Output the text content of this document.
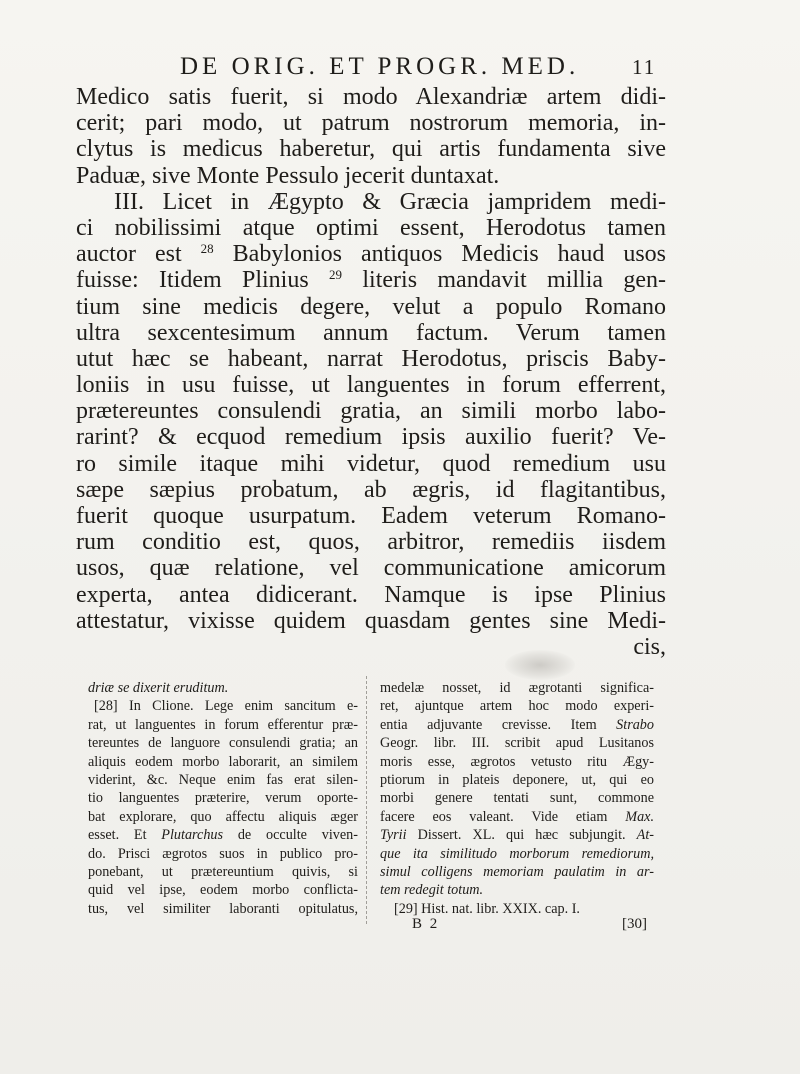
DE ORIG. ET PROGR. MED.	11
Medico satis fuerit, si modo Alexandriæ artem didi-
cerit; pari modo, ut patrum nostrorum memoria, in-
clytus is medicus haberetur, qui artis fundamenta sive
Paduæ, sive Monte Pessulo jecerit duntaxat.
III. Licet in Ægypto & Græcia jampridem medi-
ci nobilissimi atque optimi essent, Herodotus tamen
auctor est $^{28}$ Babylonios antiquos Medicis haud usos
fuisse: Itidem Plinius $^{29}$ literis mandavit millia gen-
tium sine medicis degere, velut a populo Romano
ultra sexcentesimum annum factum. Verum tamen
utut hæc se habeant, narrat Herodotus, priscis Baby-
loniis in usu fuisse, ut languentes in forum efferrent,
prætereuntes consulendi gratia, an simili morbo labo-
rarint? & ecquod remedium ipsis auxilio fuerit? Ve-
ro simile itaque mihi videtur, quod remedium usu
sæpe sæpius probatum, ab ægris, id flagitantibus,
fuerit quoque usurpatum. Eadem veterum Romano-
rum conditio est, quos, arbitror, remediis iisdem
usos, quæ relatione, vel communicatione amicorum
experta, antea didicerant. Namque is ipse Plinius
attestatur, vixisse quidem quasdam gentes sine Medi-
cis,
driæ se dixerit eruditum.
[28] In Clione. Lege enim sancitum e-
rat, ut languentes in forum efferentur præ-
tereuntes de languore consulendi gratia; an
aliquis eodem morbo laborarit, an similem
viderint, &c. Neque enim fas erat silen-
tio languentes præterire, verum oporte-
bat explorare, quo affectu aliquis æger
esset. Et Plutarchus de occulte viven-
do. Prisci ægrotos suos in publico pro-
ponebant, ut prætereuntium quivis, si
quid vel ipse, eodem morbo conflicta-
tus, vel similiter laboranti opitulatus,
medelæ nosset, id ægrotanti significa-
ret, ajuntque artem hoc modo experi-
entia adjuvante crevisse. Item Strabo
Geogr. libr. III. scribit apud Lusitanos
moris esse, ægrotos vetusto ritu Ægy-
ptiorum in plateis deponere, ut, qui eo
morbi genere tentati sunt, commone
facere eos valeant. Vide etiam Max.
Tyrii Dissert. XL. qui hæc subjungit. At-
que ita similitudo morborum remediorum,
simul colligens memoriam paulatim in ar-
tem redegit totum.
[29] Hist. nat. libr. XXIX. cap. I.
B 2	[30]
